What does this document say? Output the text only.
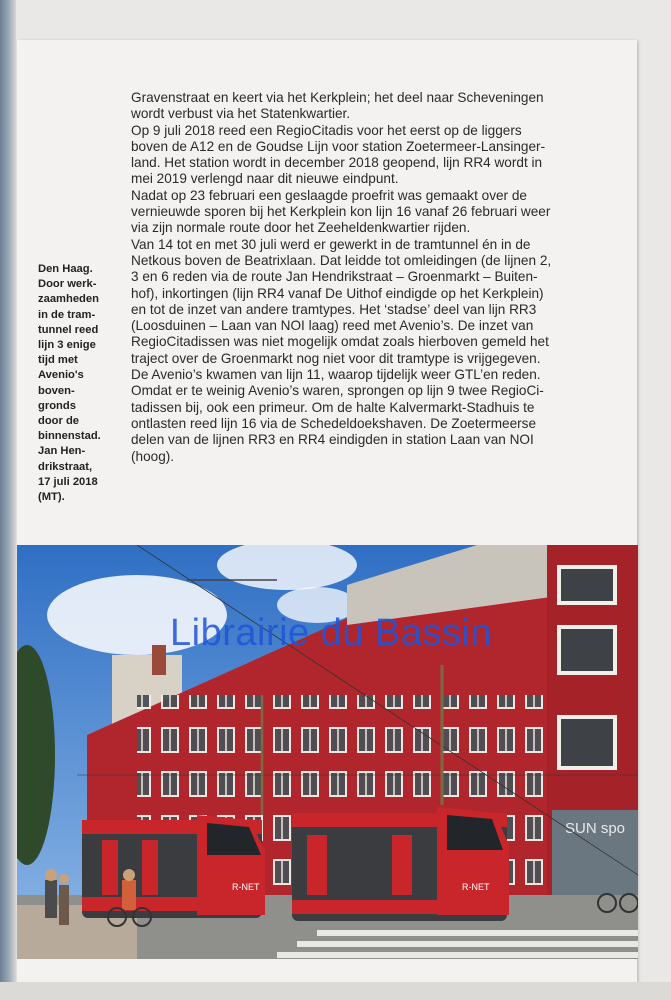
Den Haag.
Door werk-
zaamheden
in de tram-
tunnel reed
lijn 3 enige
tijd met
Avenio's
boven-
gronds
door de
binnenstad.
Jan Hen-
drikstraat,
17 juli 2018
(MT).

Gravenstraat en keert via het Kerkplein; het deel naar Scheveningen
wordt verbust via het Statenkwartier.
Op 9 juli 2018 reed een RegioCitadis voor het eerst op de liggers
boven de A12 en de Goudse Lijn voor station Zoetermeer-Lansinger-
land. Het station wordt in december 2018 geopend, lijn RR4 wordt in
mei 2019 verlengd naar dit nieuwe eindpunt.
Nadat op 23 februari een geslaagde proefrit was gemaakt over de
vernieuwde sporen bij het Kerkplein kon lijn 16 vanaf 26 februari weer
via zijn normale route door het Zeeheldenkwartier rijden.
Van 14 tot en met 30 juli werd er gewerkt in de tramtunnel én in de
Netkous boven de Beatrixlaan. Dat leidde tot omleidingen (de lijnen 2,
3 en 6 reden via de route Jan Hendrikstraat – Groenmarkt – Buiten-
hof), inkortingen (lijn RR4 vanaf De Uithof eindigde op het Kerkplein)
en tot de inzet van andere tramtypes. Het ‘stadse’ deel van lijn RR3
(Loosduinen – Laan van NOI laag) reed met Avenio’s. De inzet van
RegioCitadissen was niet mogelijk omdat zoals hierboven gemeld het
traject over de Groenmarkt nog niet voor dit tramtype is vrijgegeven.
De Avenio’s kwamen van lijn 11, waarop tijdelijk weer GTL’en reden.
Omdat er te weinig Avenio’s waren, sprongen op lijn 9 twee RegioCi-
tadissen bij, ook een primeur. Om de halte Kalvermarkt-Stadhuis te
ontlasten reed lijn 16 via de Schedeldoekshaven. De Zoetermeerse
delen van de lijnen RR3 en RR4 eindigden in station Laan van NOI
(hoog).
SUN spo
R-NET
R-NET
Librairie du Bassin
